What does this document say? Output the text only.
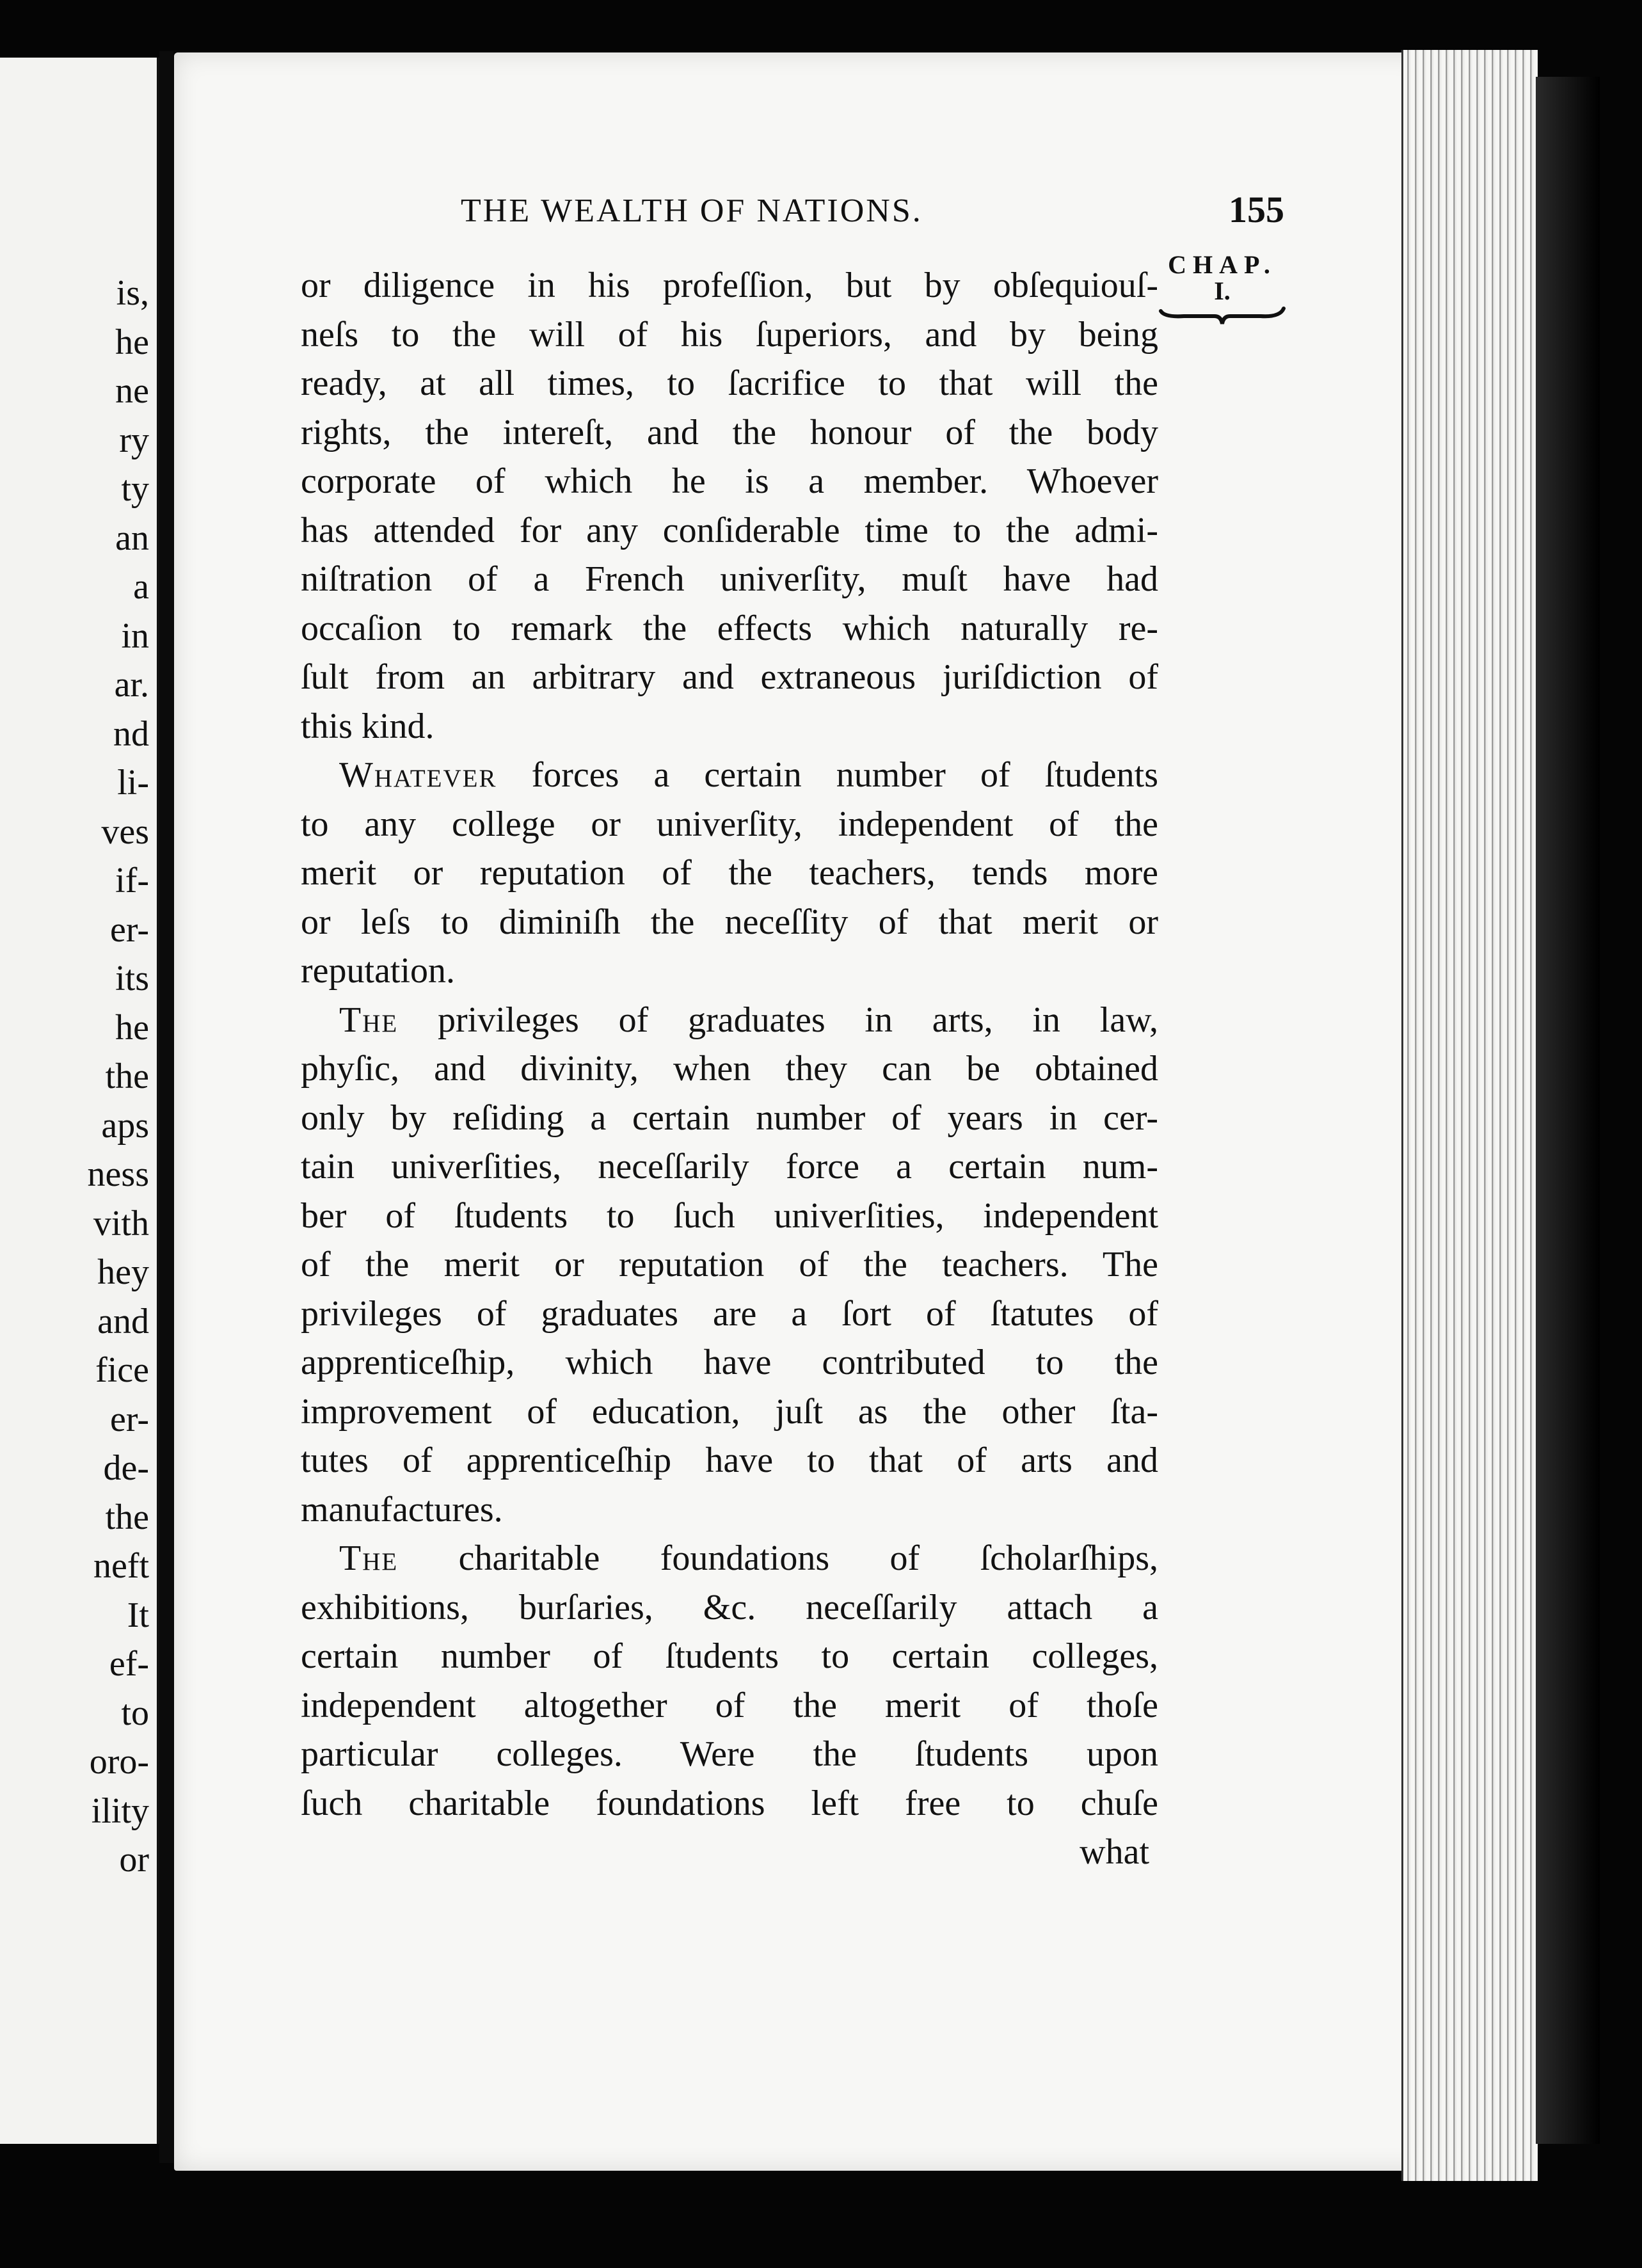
is,
he
ne
ry
ty
an
a
in
ar.
nd
li-
ves
if-
er-
its
he
the
aps
ness
vith
hey
and
fice
er-
de-
the
neft
It
ef-
to
oro-
ility
or
THE WEALTH OF NATIONS.	155
CHAP.
I.
or diligence in his profeſſion, but by obſequiouſ-
neſs to the will of his ſuperiors, and by being
ready, at all times, to ſacrifice to that will the
rights, the intereſt, and the honour of the body
corporate of which he is a member. Whoever
has attended for any conſiderable time to the admi-
niſtration of a French univerſity, muſt have had
occaſion to remark the effects which naturally re-
ſult from an arbitrary and extraneous juriſdiction of
this kind.
Whatever forces a certain number of ſtudents
to any college or univerſity, independent of the
merit or reputation of the teachers, tends more
or leſs to diminiſh the neceſſity of that merit or
reputation.
The privileges of graduates in arts, in law,
phyſic, and divinity, when they can be obtained
only by reſiding a certain number of years in cer-
tain univerſities, neceſſarily force a certain num-
ber of ſtudents to ſuch univerſities, independent
of the merit or reputation of the teachers. The
privileges of graduates are a ſort of ſtatutes of
apprenticeſhip, which have contributed to the
improvement of education, juſt as the other ſta-
tutes of apprenticeſhip have to that of arts and
manufactures.
The charitable foundations of ſcholarſhips,
exhibitions, burſaries, &c. neceſſarily attach a
certain number of ſtudents to certain colleges,
independent altogether of the merit of thoſe
particular colleges. Were the ſtudents upon
ſuch charitable foundations left free to chuſe
what
